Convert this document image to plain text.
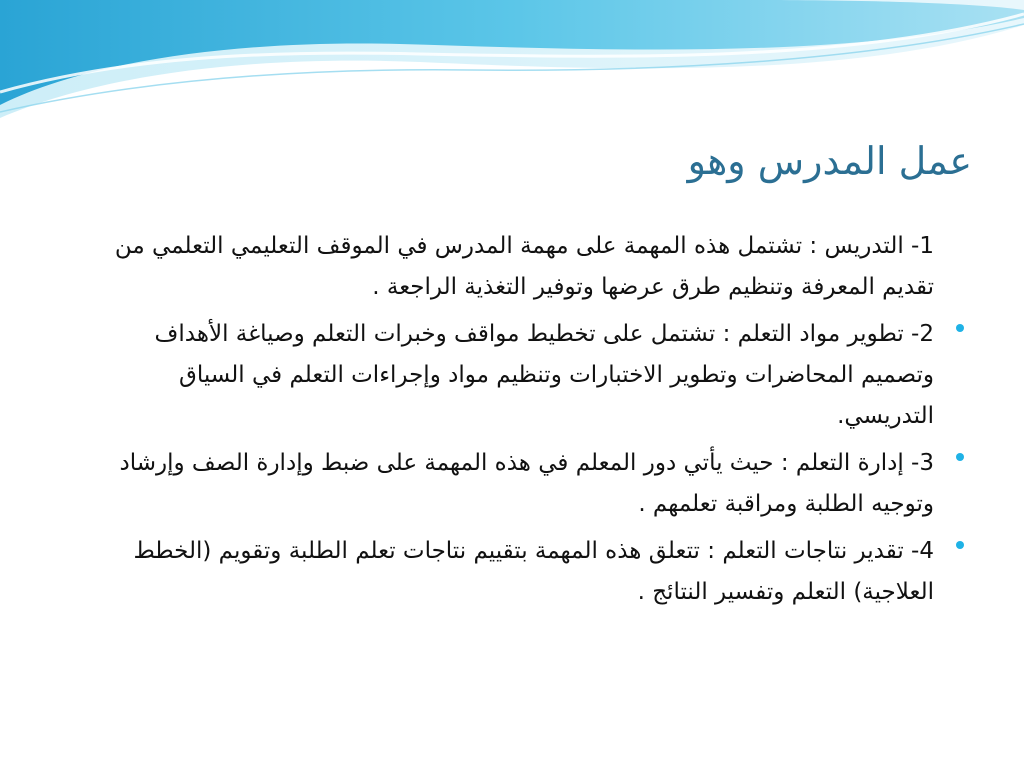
عمل المدرس وهو
1- التدريس : تشتمل هذه المهمة على مهمة المدرس في الموقف التعليمي التعلمي من تقديم المعرفة وتنظيم طرق عرضها وتوفير التغذية الراجعة .
2- تطوير مواد التعلم : تشتمل على تخطيط مواقف وخبرات التعلم وصياغة الأهداف وتصميم المحاضرات وتطوير الاختبارات وتنظيم مواد وإجراءات التعلم في السياق التدريسي.
3- إدارة التعلم : حيث يأتي دور المعلم في هذه المهمة على ضبط وإدارة الصف وإرشاد وتوجيه الطلبة ومراقبة تعلمهم .
4- تقدير نتاجات التعلم : تتعلق هذه المهمة بتقييم نتاجات تعلم الطلبة وتقويم (الخطط العلاجية) التعلم وتفسير النتائج .
